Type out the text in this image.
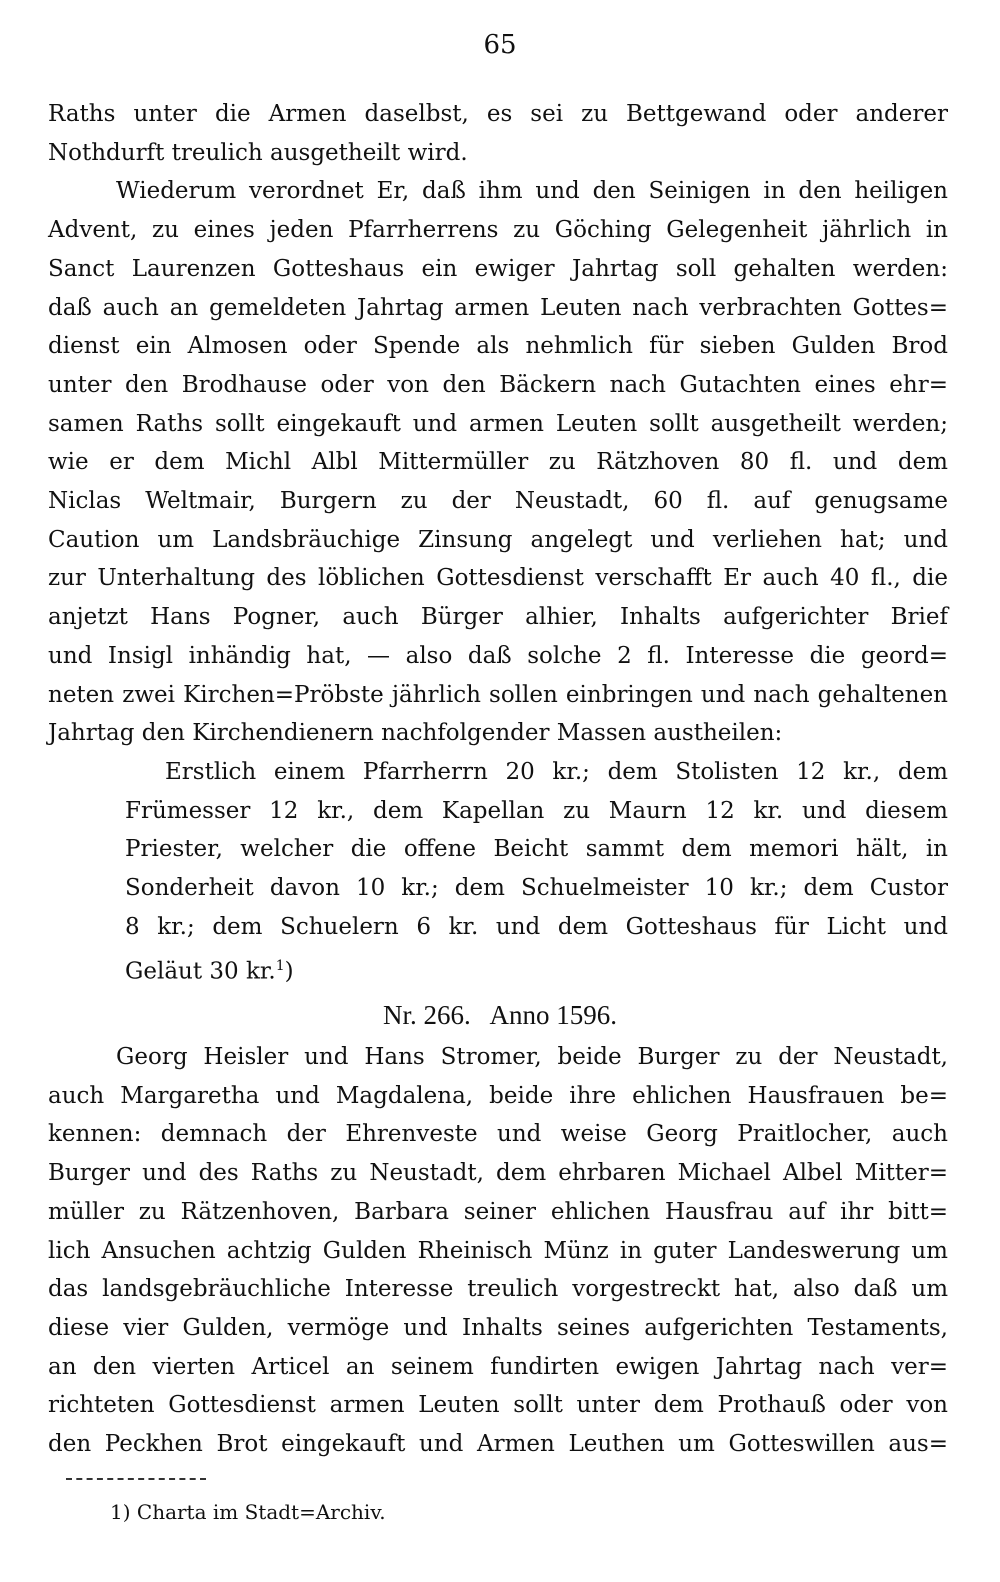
65
Raths unter die Armen daselbst, es sei zu Bettgewand oder anderer
Nothdurft treulich ausgetheilt wird.
Wiederum verordnet Er, daß ihm und den Seinigen in den heiligen
Advent, zu eines jeden Pfarrherrens zu Göching Gelegenheit jährlich in
Sanct Laurenzen Gotteshaus ein ewiger Jahrtag soll gehalten werden:
daß auch an gemeldeten Jahrtag armen Leuten nach verbrachten Gottes=
dienst ein Almosen oder Spende als nehmlich für sieben Gulden Brod
unter den Brodhause oder von den Bäckern nach Gutachten eines ehr=
samen Raths sollt eingekauft und armen Leuten sollt ausgetheilt werden;
wie er dem Michl Albl Mittermüller zu Rätzhoven 80 fl. und dem
Niclas Weltmair, Burgern zu der Neustadt, 60 fl. auf genugsame
Caution um Landsbräuchige Zinsung angelegt und verliehen hat; und
zur Unterhaltung des löblichen Gottesdienst verschafft Er auch 40 fl., die
anjetzt Hans Pogner, auch Bürger alhier, Inhalts aufgerichter Brief
und Insigl inhändig hat, — also daß solche 2 fl. Interesse die geord=
neten zwei Kirchen=Pröbste jährlich sollen einbringen und nach gehaltenen
Jahrtag den Kirchendienern nachfolgender Massen austheilen:
Erstlich einem Pfarrherrn 20 kr.; dem Stolisten 12 kr., dem
Frümesser 12 kr., dem Kapellan zu Maurn 12 kr. und diesem
Priester, welcher die offene Beicht sammt dem memori hält, in
Sonderheit davon 10 kr.; dem Schuelmeister 10 kr.; dem Custor
8 kr.; dem Schuelern 6 kr. und dem Gotteshaus für Licht und
Geläut 30 kr.$^1$)
Nr. 266.   Anno 1596.
Georg Heisler und Hans Stromer, beide Burger zu der Neustadt,
auch Margaretha und Magdalena, beide ihre ehlichen Hausfrauen be=
kennen: demnach der Ehrenveste und weise Georg Praitlocher, auch
Burger und des Raths zu Neustadt, dem ehrbaren Michael Albel Mitter=
müller zu Rätzenhoven, Barbara seiner ehlichen Hausfrau auf ihr bitt=
lich Ansuchen achtzig Gulden Rheinisch Münz in guter Landeswerung um
das landsgebräuchliche Interesse treulich vorgestreckt hat, also daß um
diese vier Gulden, vermöge und Inhalts seines aufgerichten Testaments,
an den vierten Articel an seinem fundirten ewigen Jahrtag nach ver=
richteten Gottesdienst armen Leuten sollt unter dem Prothauß oder von
den Peckhen Brot eingekauft und Armen Leuthen um Gotteswillen aus=
1) Charta im Stadt=Archiv.
